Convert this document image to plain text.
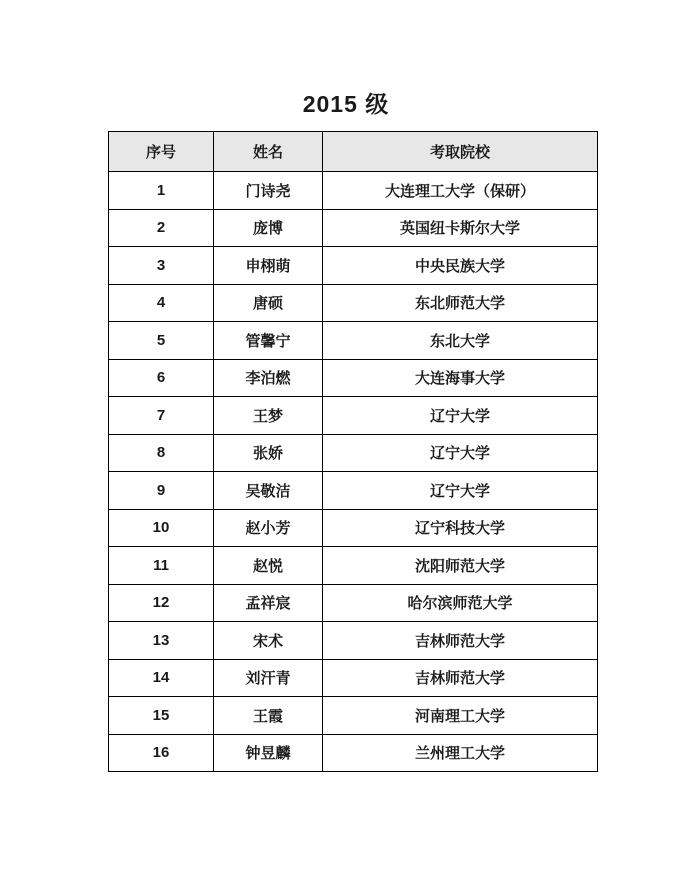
2015 级
序号	姓名	考取院校
1	门诗尧	大连理工大学（保研）
2	庞博	英国纽卡斯尔大学
3	申栩萌	中央民族大学
4	唐硕	东北师范大学
5	管馨宁	东北大学
6	李泊燃	大连海事大学
7	王梦	辽宁大学
8	张娇	辽宁大学
9	吴敬洁	辽宁大学
10	赵小芳	辽宁科技大学
11	赵悦	沈阳师范大学
12	孟祥宸	哈尔滨师范大学
13	宋术	吉林师范大学
14	刘汗青	吉林师范大学
15	王霞	河南理工大学
16	钟昱麟	兰州理工大学
